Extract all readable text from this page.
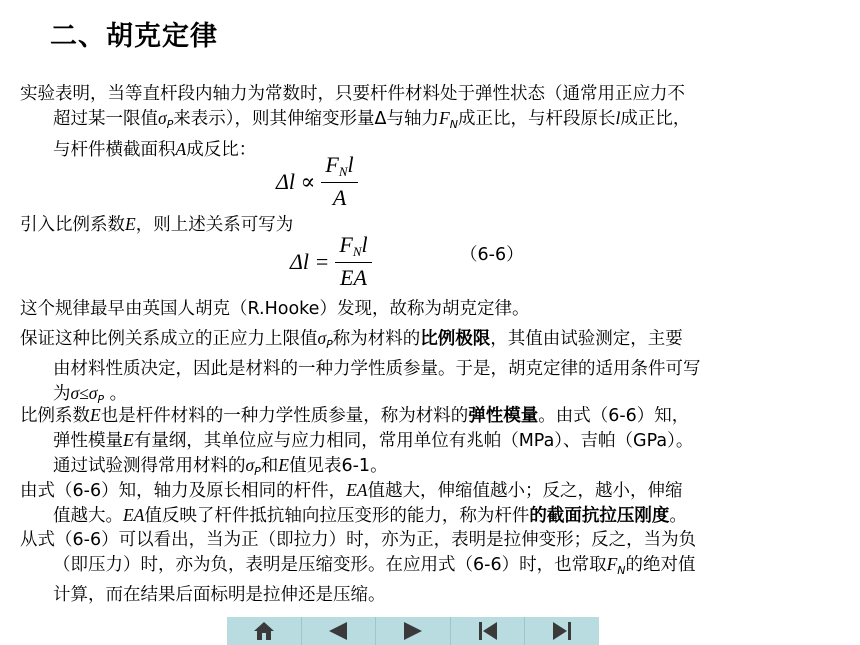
二、胡克定律
实验表明，当等直杆段内轴力为常数时，只要杆件材料处于弹性状态（通常用正应力不
超过某一限值$\sigma_P$来表示），则其伸缩变形量Δ与轴力$F_N$成正比，与杆段原长l成正比，
与杆件横截面积A成反比：
$\Delta l \propto \frac{\text{FNl}}{A}$
引入比例系数E，则上述关系可写为
$\Delta l = \frac{\text{FNl}}{EA}$	（6-6）
这个规律最早由英国人胡克（R.Hooke）发现，故称为胡克定律。
保证这种比例关系成立的正应力上限值$\sigma_P$称为材料的比例极限，其值由试验测定，主要
由材料性质决定，因此是材料的一种力学性质参量。于是，胡克定律的适用条件可写
为$\sigma\le\sigma_P$ 。
比例系数E也是杆件材料的一种力学性质参量，称为材料的弹性模量。由式（6-6）知，
弹性模量E有量纲，其单位应与应力相同，常用单位有兆帕（MPa）、吉帕（GPa）。
通过试验测得常用材料的$\sigma_P$和E值见表6-1。
由式（6-6）知，轴力及原长相同的杆件，EA值越大，伸缩值越小；反之，越小，伸缩
值越大。EA值反映了杆件抵抗轴向拉压变形的能力，称为杆件的截面抗拉压刚度。
从式（6-6）可以看出，当为正（即拉力）时，亦为正，表明是拉伸变形；反之，当为负
（即压力）时，亦为负，表明是压缩变形。在应用式（6-6）时，也常取$F_N$的绝对值
计算，而在结果后面标明是拉伸还是压缩。
